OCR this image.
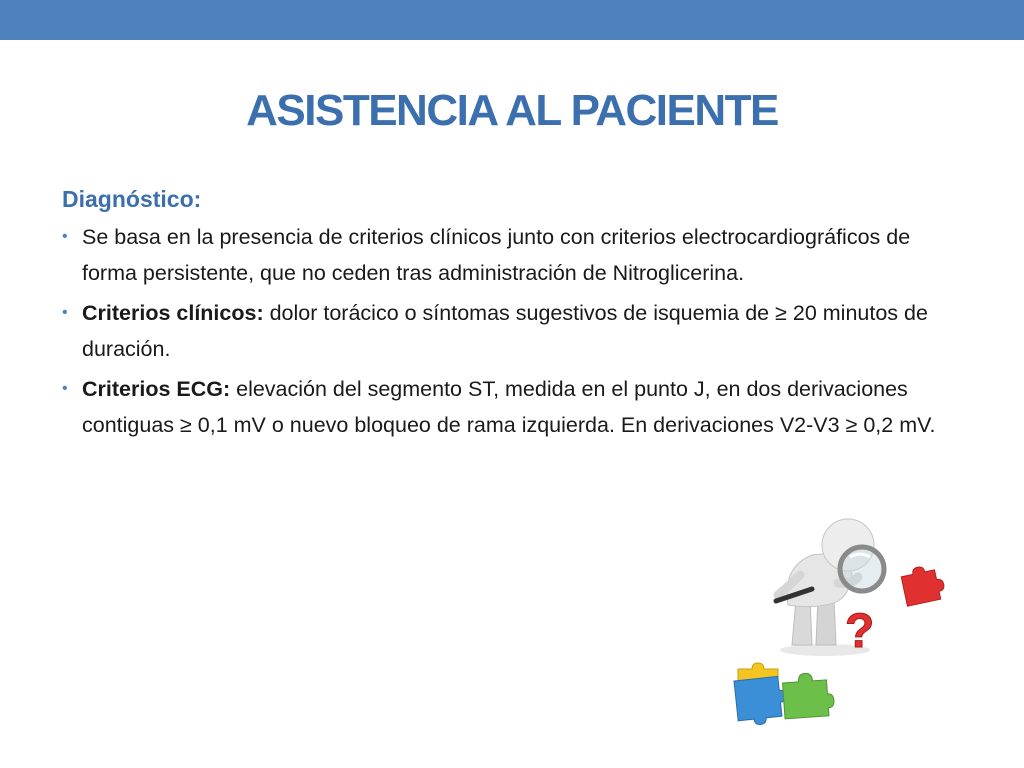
ASISTENCIA AL PACIENTE

Diagnóstico:

• Se basa en la presencia de criterios clínicos junto con criterios electrocardiográficos de forma persistente, que no ceden tras administración de Nitroglicerina.
• Criterios clínicos: dolor torácico o síntomas sugestivos de isquemia de ≥ 20 minutos de duración.
• Criterios ECG: elevación del segmento ST, medida en el punto J, en dos derivaciones contiguas ≥ 0,1 mV o nuevo bloqueo de rama izquierda. En derivaciones V2-V3 ≥ 0,2 mV.
?
